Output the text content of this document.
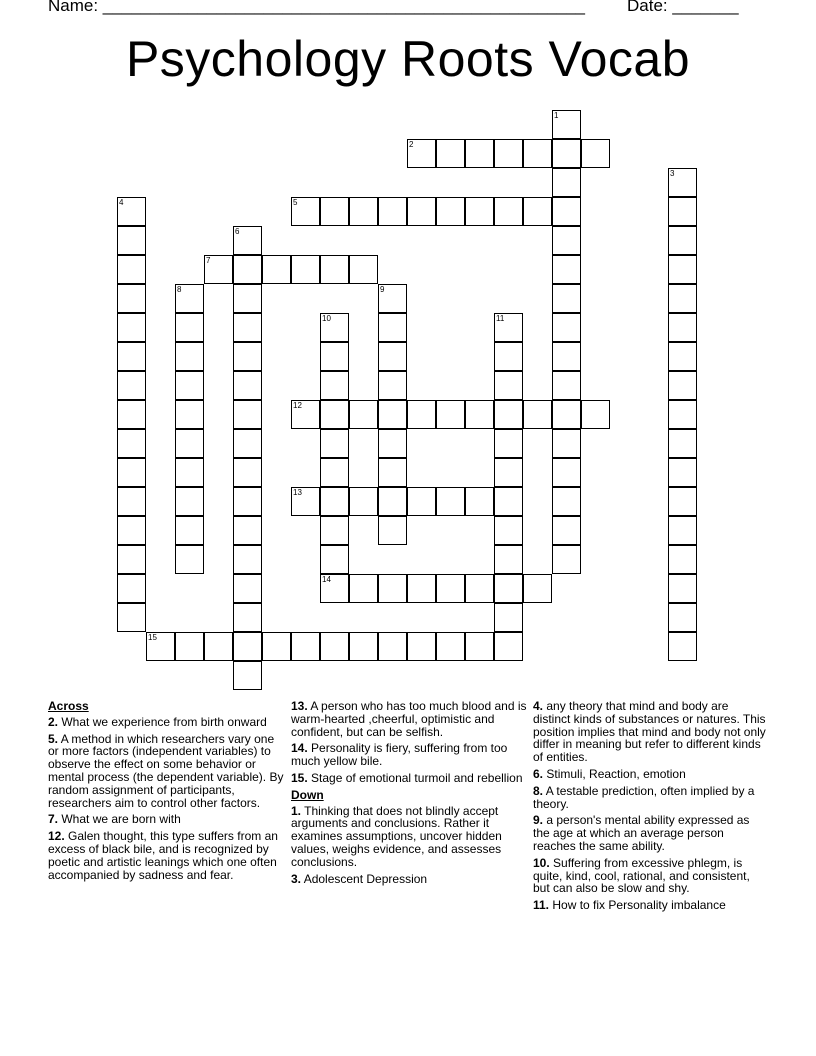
Name: ___________________________________________________ Date: _______
Psychology Roots Vocab
1
2
3
4	5
6
7
8	9
10
14
11
12
13
15
Across
2. What we experience from birth onward
5. A method in which researchers vary one or more factors (independent variables) to observe the effect on some behavior or mental process (the dependent variable). By random assignment of participants, researchers aim to control other factors.
7. What we are born with
12. Galen thought, this type suffers from an excess of black bile, and is recognized by poetic and artistic leanings which one often accompanied by sadness and fear.
13. A person who has too much blood and is warm-hearted ,cheerful, optimistic and confident, but can be selfish.
14. Personality is fiery, suffering from too much yellow bile.
15. Stage of emotional turmoil and rebellion
Down
1. Thinking that does not blindly accept arguments and conclusions. Rather it examines assumptions, uncover hidden values, weighs evidence, and assesses conclusions.
3. Adolescent Depression
4. any theory that mind and body are distinct kinds of substances or natures. This position implies that mind and body not only differ in meaning but refer to different kinds of entities.
6. Stimuli, Reaction, emotion
8. A testable prediction, often implied by a theory.
9. a person's mental ability expressed as the age at which an average person reaches the same ability.
10. Suffering from excessive phlegm, is quite, kind, cool, rational, and consistent, but can also be slow and shy.
11. How to fix Personality imbalance
